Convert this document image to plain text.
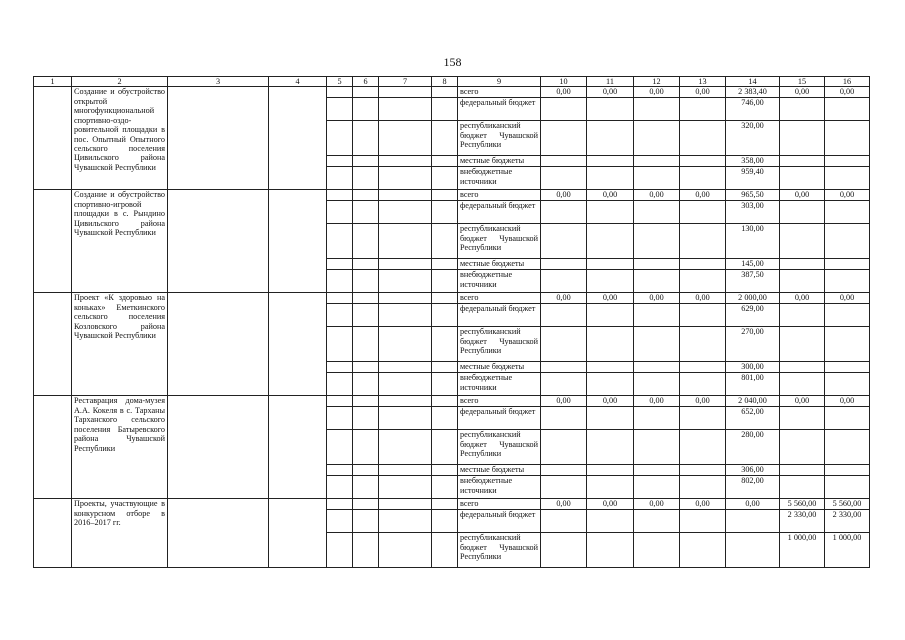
158
1	2	3	4	5	6	7	8	9	10	11	12	13	14	15	16
	Создание и обустройство открытой многофункциональной спортивно-оздоровительной площадки в пос. Опытный Опытного сельского поселения Цивильского района Чувашской Республики							всего	0,00	0,00	0,00	0,00	2 383,40	0,00	0,00
								федеральный бюджет					746,00		
								республиканский бюджет Чувашской Республики					320,00		
								местные бюджеты					358,00		
								внебюджетные источники					959,40		
	Создание и обустройство спортивно-игровой площадки в с. Рындино Цивильского района Чувашской Республики							всего	0,00	0,00	0,00	0,00	965,50	0,00	0,00
								федеральный бюджет					303,00		
								республиканский бюджет Чувашской Республики					130,00		
								местные бюджеты					145,00		
								внебюджетные источники					387,50		
	Проект «К здоровью на коньках» Еметкинского сельского поселения Козловского района Чувашской Республики							всего	0,00	0,00	0,00	0,00	2 000,00	0,00	0,00
								федеральный бюджет					629,00		
								республиканский бюджет Чувашской Республики					270,00		
								местные бюджеты					300,00		
								внебюджетные источники					801,00		
	Реставрация дома-музея А.А. Кокеля в с. Тарханы Тарханского сельского поселения Батыревского района Чувашской Республики							всего	0,00	0,00	0,00	0,00	2 040,00	0,00	0,00
								федеральный бюджет					652,00		
								республиканский бюджет Чувашской Республики					280,00		
								местные бюджеты					306,00		
								внебюджетные источники					802,00		
	Проекты, участвующие в конкурсном отборе в 2016–2017 гг.							всего	0,00	0,00	0,00	0,00	0,00	5 560,00	5 560,00
								федеральный бюджет						2 330,00	2 330,00
								республиканский бюджет Чувашской Республики						1 000,00	1 000,00
